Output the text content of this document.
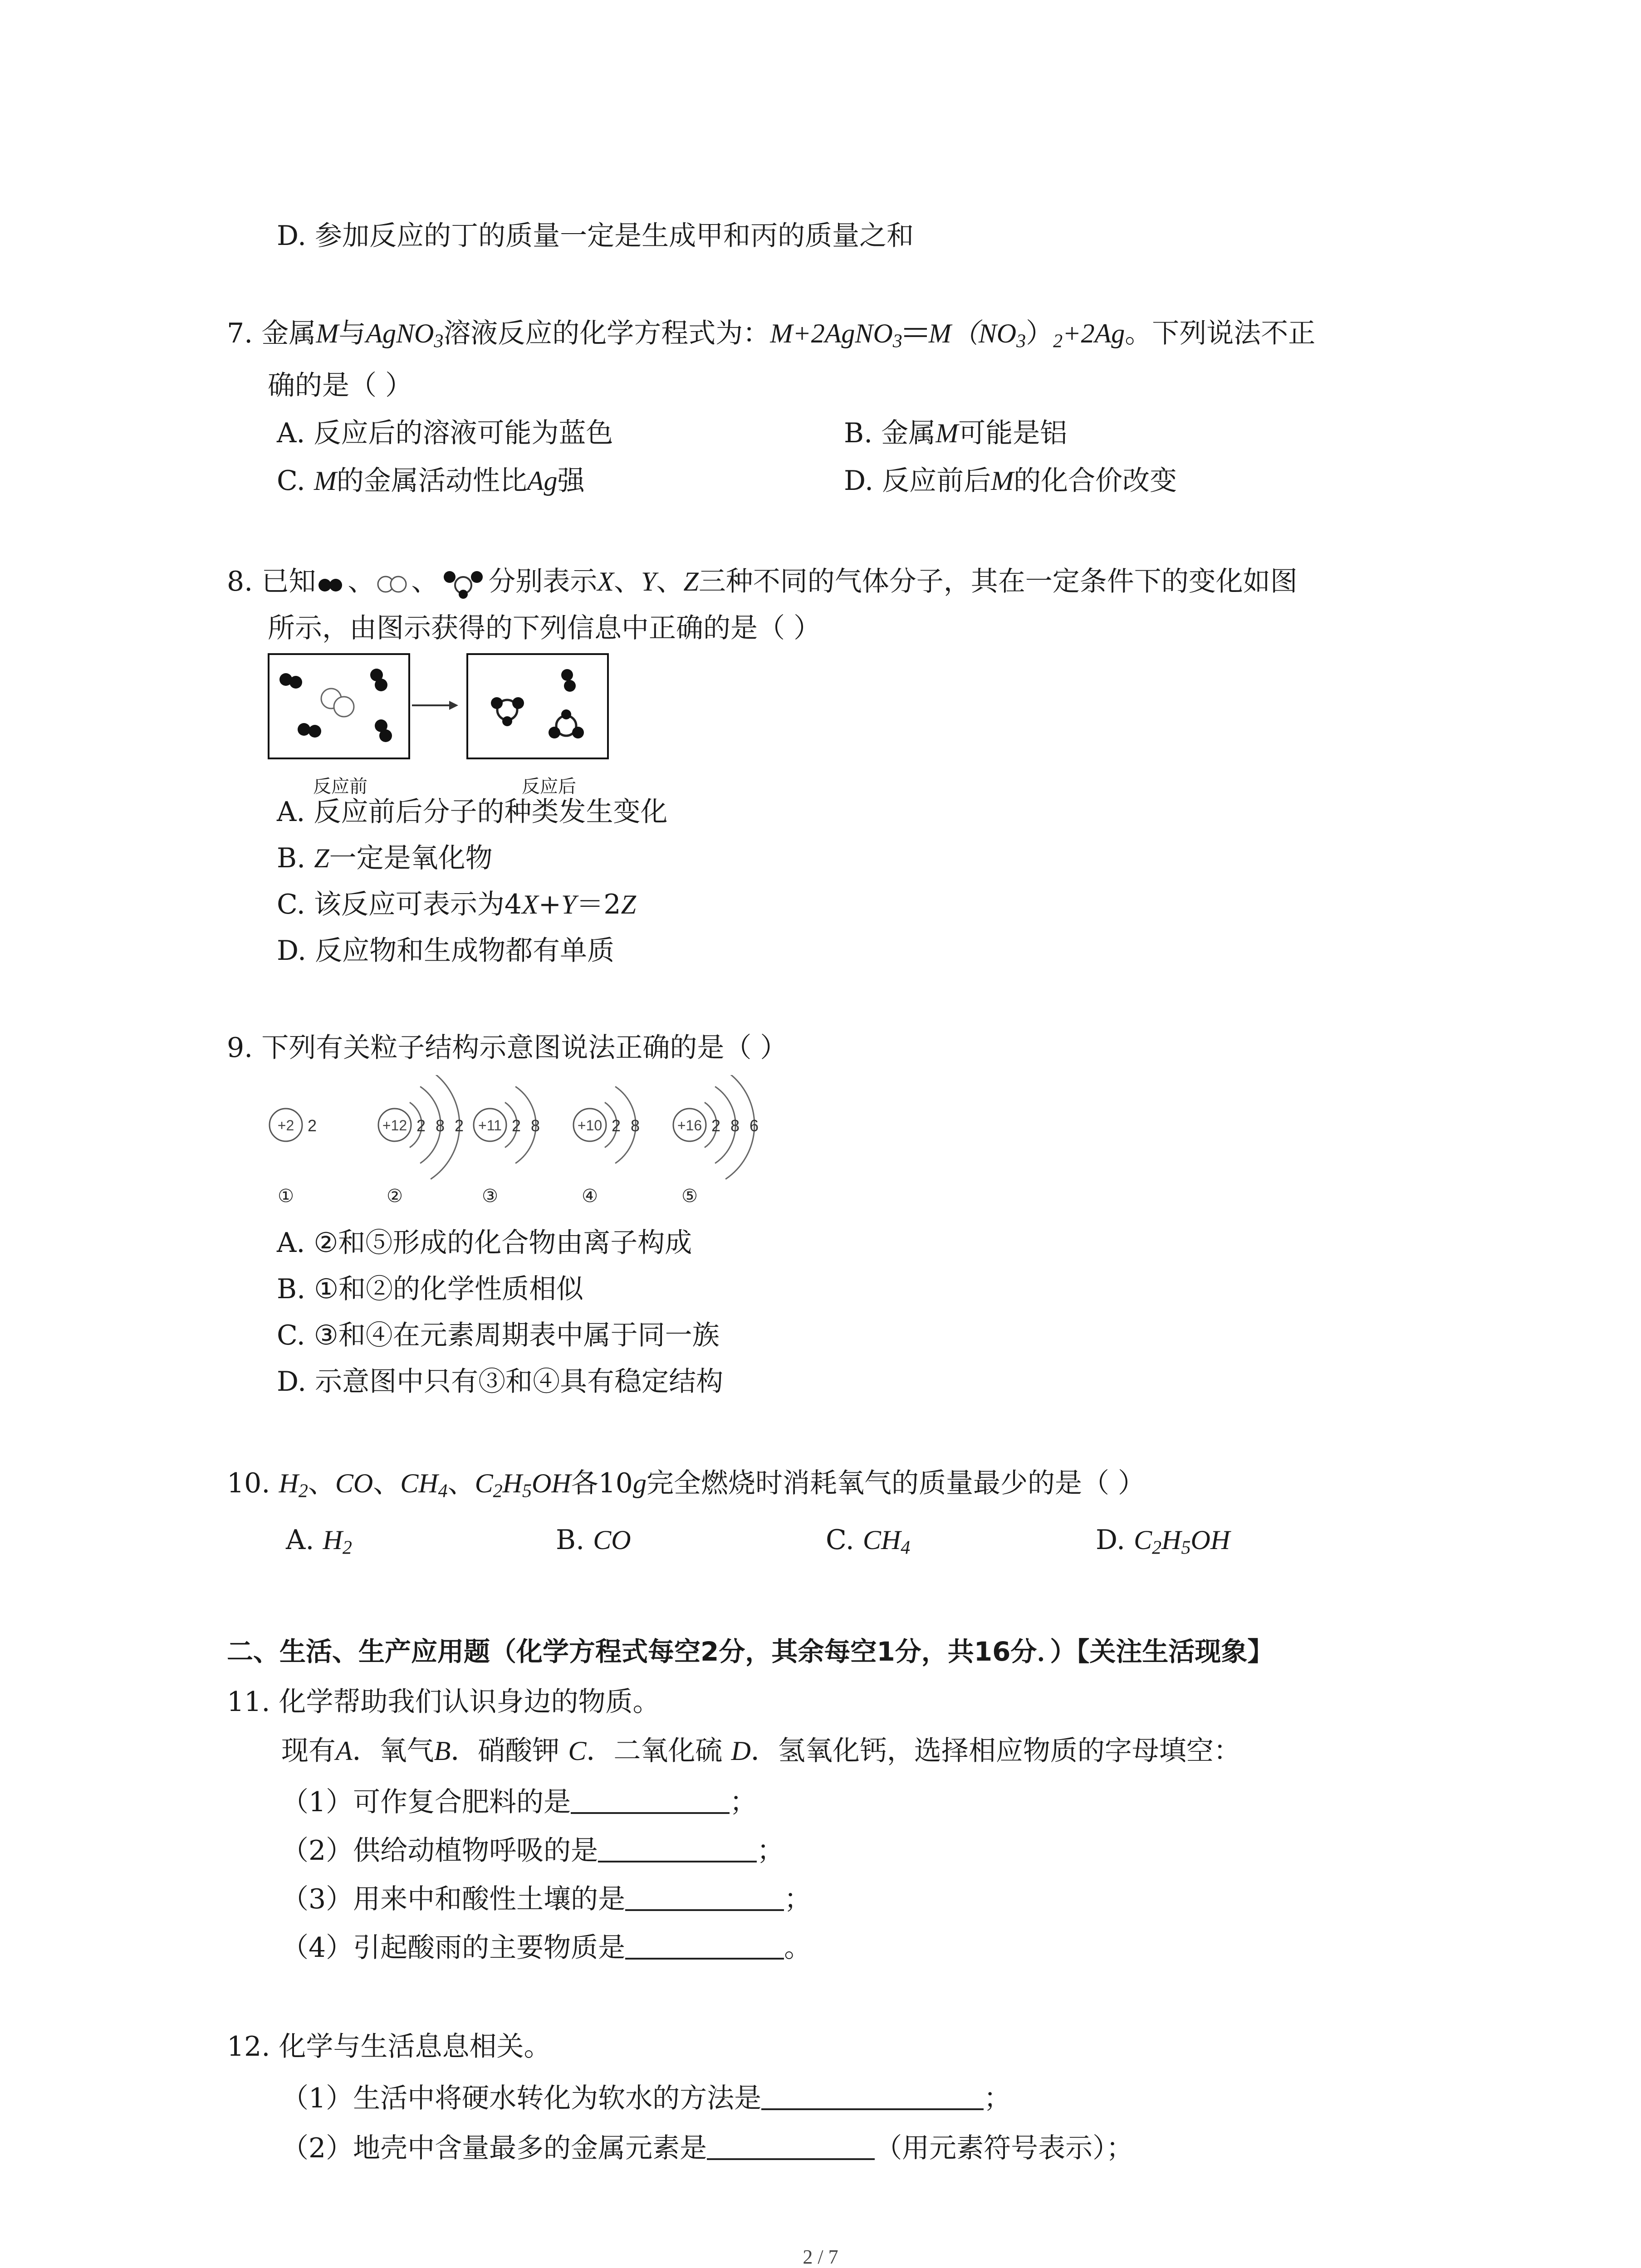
D. 参加反应的丁的质量一定是生成甲和丙的质量之和
7. 金属M与AgNO$_3$溶液反应的化学方程式为：M+2AgNO$_3$ $M(NO_3)_2+2Ag$。下列说法不正
确的是（ ）
A. 反应后的溶液可能为蓝色	B. 金属M可能是铝
C. M的金属活动性比Ag强	D. 反应前后M的化合价改变
8. 已知 、 、 分别表示X、Y、Z三种不同的气体分子，其在一定条件下的变化如图
所示，由图示获得的下列信息中正确的是（ ）
反应前	反应后
A. 反应前后分子的种类发生变化
B. Z一定是氧化物
C. 该反应可表示为4X+Y＝2Z
D. 反应物和生成物都有单质
9. 下列有关粒子结构示意图说法正确的是（ ）
+2 2
①
+12 2 8 2
②
+11 2 8
③
+10 2 8
④
+16 2 8 6
⑤
A. ②和⑤形成的化合物由离子构成
B. ①和②的化学性质相似
C. ③和④在元素周期表中属于同一族
D. 示意图中只有③和④具有稳定结构
10. $H_2$、CO、$CH_4$、$C_2H_5OH$各10g完全燃烧时消耗氧气的质量最少的是（ ）
A. $H_2$	B. CO	C. $CH_4$	D. $C_2H_5OH$
二、生活、生产应用题（化学方程式每空2分，其余每空1分，共16分．）【关注生活现象】
11. 化学帮助我们认识身边的物质。
现有A．氧气B．硝酸钾 C．二氧化硫 D．氢氧化钙，选择相应物质的字母填空：
（1）可作复合肥料的是	；
（2）供给动植物呼吸的是	；
（3）用来中和酸性土壤的是	；
（4）引起酸雨的主要物质是	。
12. 化学与生活息息相关。
（1）生活中将硬水转化为软水的方法是	；
（2）地壳中含量最多的金属元素是	（用元素符号表示）；
2 / 7
